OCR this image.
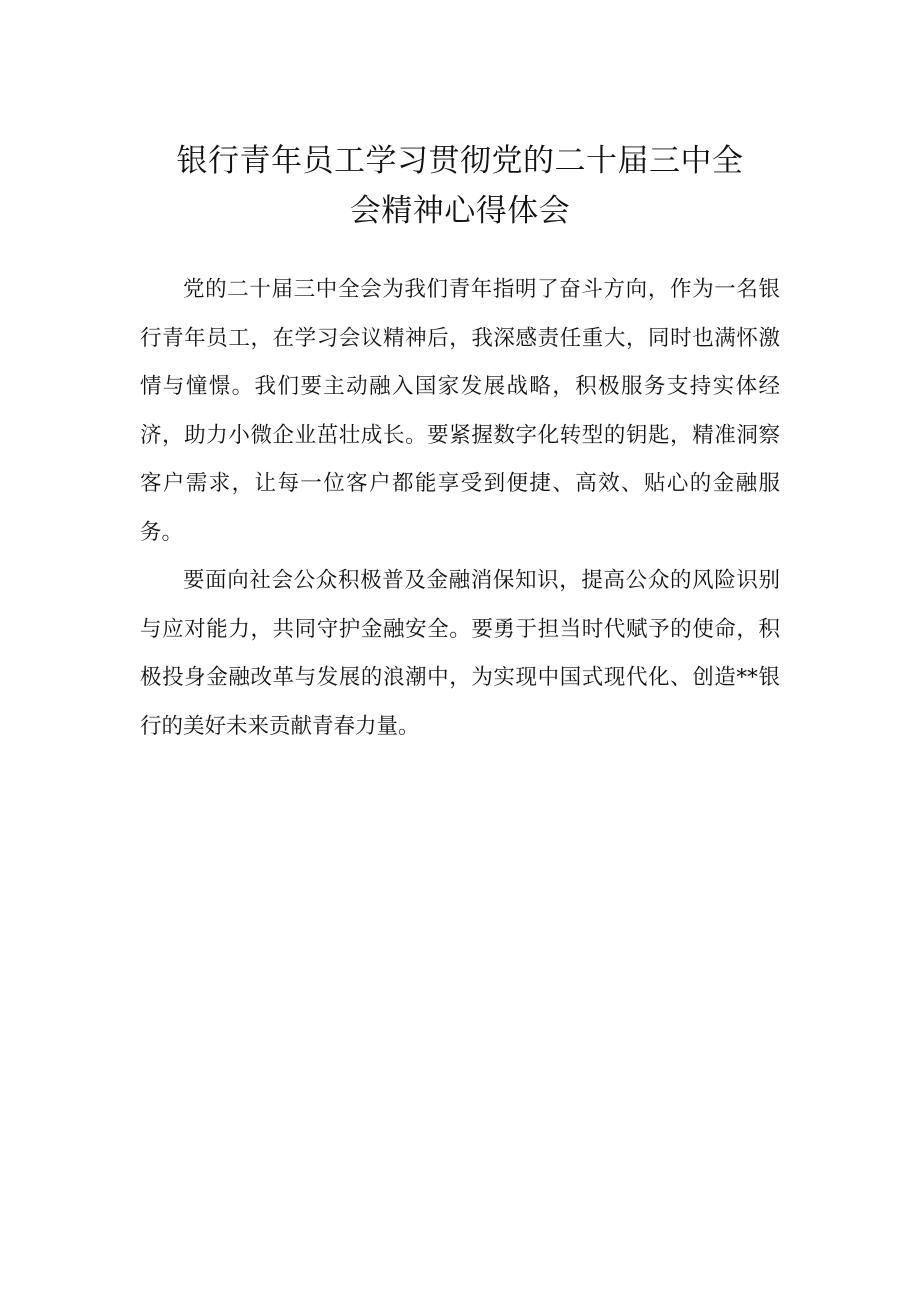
银行青年员工学习贯彻党的二十届三中全
会精神心得体会

党的二十届三中全会为我们青年指明了奋斗方向，作为一名银行青年员工，在学习会议精神后，我深感责任重大，同时也满怀激情与憧憬。我们要主动融入国家发展战略，积极服务支持实体经济，助力小微企业茁壮成长。要紧握数字化转型的钥匙，精准洞察客户需求，让每一位客户都能享受到便捷、高效、贴心的金融服务。

要面向社会公众积极普及金融消保知识，提高公众的风险识别与应对能力，共同守护金融安全。要勇于担当时代赋予的使命，积极投身金融改革与发展的浪潮中，为实现中国式现代化、创造**银行的美好未来贡献青春力量。
